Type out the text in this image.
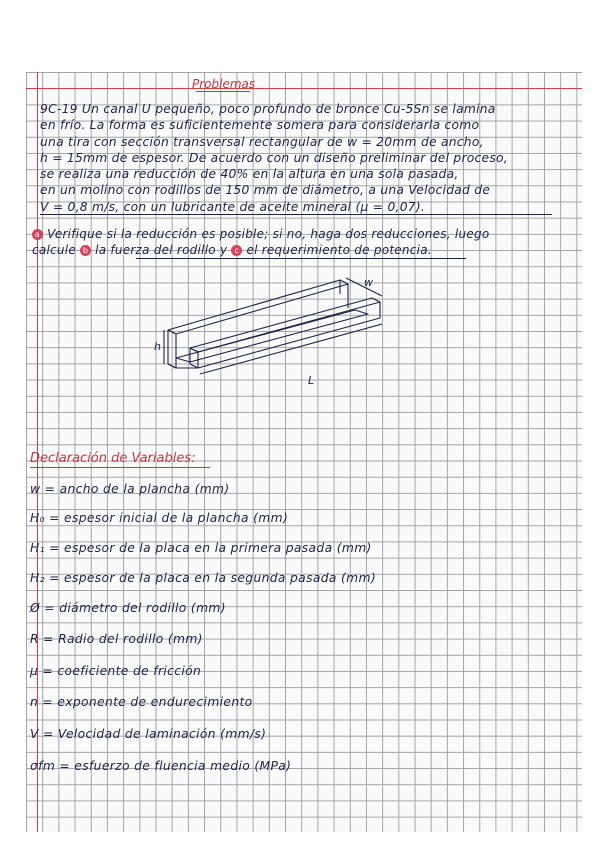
Problemas
9C-19 Un canal U pequeño, poco profundo de bronce Cu-5Sn se lamina
en frío. La forma es suficientemente somera para considerarla como
una tira con sección transversal rectangular de w = 20mm de ancho,
h = 15mm de espesor. De acuerdo con un diseño preliminar del proceso,
se realiza una reducción de 40% en la altura en una sola pasada,
en un molino con rodillos de 150 mm de diámetro, a una Velocidad de
V = 0,8 m/s, con un lubricante de aceite mineral (μ = 0,07).
a Verifique si la reducción es posible; si no, haga dos reducciones, luego
calcule b la fuerza del rodillo y c el requerimiento de potencia.
h
w
L
Declaración de Variables:
w = ancho de la plancha (mm)
H₀ = espesor inicial de la plancha (mm)
H₁ = espesor de la placa en la primera pasada (mm)
H₂ = espesor de la placa en la segunda pasada (mm)
Ø = diámetro del rodillo (mm)
R = Radio del rodillo (mm)
μ = coeficiente de fricción
n = exponente de endurecimiento
V = Velocidad de laminación (mm/s)
σfm = esfuerzo de fluencia medio (MPa)
